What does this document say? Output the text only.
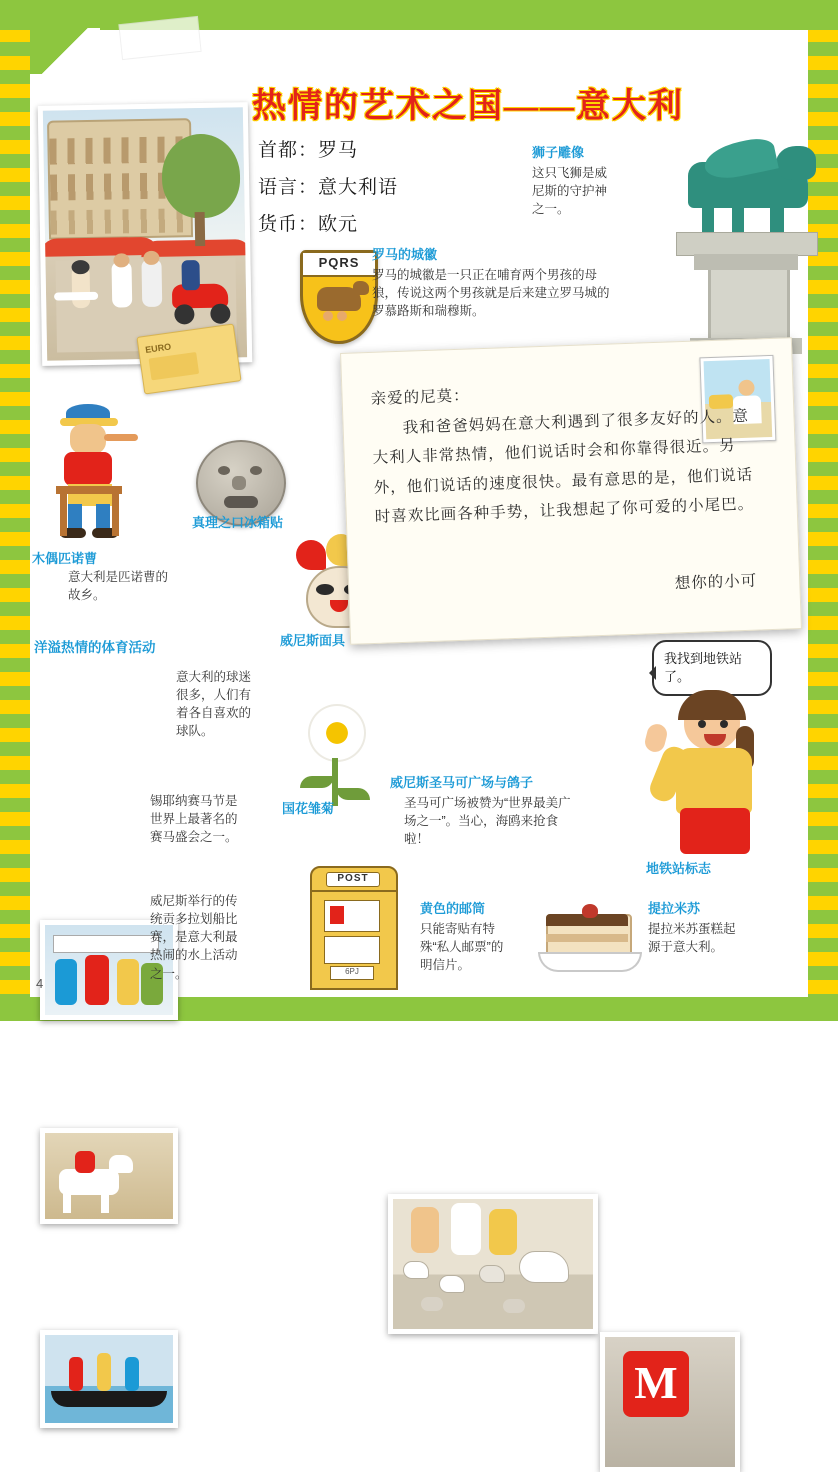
热情的艺术之国——意大利
首都：罗马
语言：意大利语
货币：欧元
EURO
狮子雕像
这只飞狮是威尼斯的守护神之一。
PQRS
罗马的城徽
罗马的城徽是一只正在哺育两个男孩的母狼，传说这两个男孩就是后来建立罗马城的罗慕路斯和瑞穆斯。
木偶匹诺曹
意大利是匹诺曹的故乡。
真理之口冰箱贴
威尼斯面具
亲爱的尼莫：
我和爸爸妈妈在意大利遇到了很多友好的人。意大利人非常热情，他们说话时会和你靠得很近。另外，他们说话的速度很快。最有意思的是，他们说话时喜欢比画各种手势，让我想起了你可爱的小尾巴。
想你的小可
洋溢热情的体育活动
意大利的球迷很多，人们有着各自喜欢的球队。
锡耶纳赛马节是世界上最著名的赛马盛会之一。
威尼斯举行的传统贡多拉划船比赛，是意大利最热闹的水上活动之一。
国花雏菊
威尼斯圣马可广场与鸽子
圣马可广场被赞为“世界最美广场之一”。当心，海鸥来抢食啦！
M
我找到地铁站了。
地铁站标志
POST
6PJ
黄色的邮筒
只能寄贴有特殊“私人邮票”的明信片。
提拉米苏
提拉米苏蛋糕起源于意大利。
4
